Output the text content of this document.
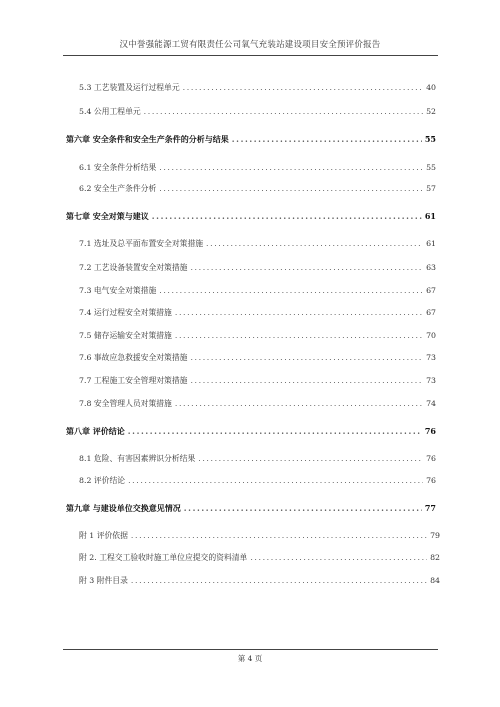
汉中誉强能源工贸有限责任公司氧气充装站建设项目安全预评价报告
5.3 工艺装置及运行过程单元 .....	40
5.4 公用工程单元 .....	52
第六章 安全条件和安全生产条件的分析与结果 .....	55
6.1 安全条件分析结果 .....	55
6.2 安全生产条件分析 .....	57
第七章 安全对策与建议 .....	61
7.1 选址及总平面布置安全对策措施 .....	61
7.2 工艺设备装置安全对策措施 .....	63
7.3 电气安全对策措施 .....	67
7.4 运行过程安全对策措施 .....	67
7.5 储存运输安全对策措施 .....	70
7.6 事故应急救援安全对策措施 .....	73
7.7 工程施工安全管理对策措施 .....	73
7.8 安全管理人员对策措施 .....	74
第八章 评价结论 .....	76
8.1 危险、有害因素辨识分析结果 .....	76
8.2 评价结论 .....	76
第九章 与建设单位交换意见情况 .....	77
附 1 评价依据 .....	79
附 2. 工程交工验收时施工单位应提交的资料清单 .....	82
附 3 附件目录 .....	84
第 4 页
